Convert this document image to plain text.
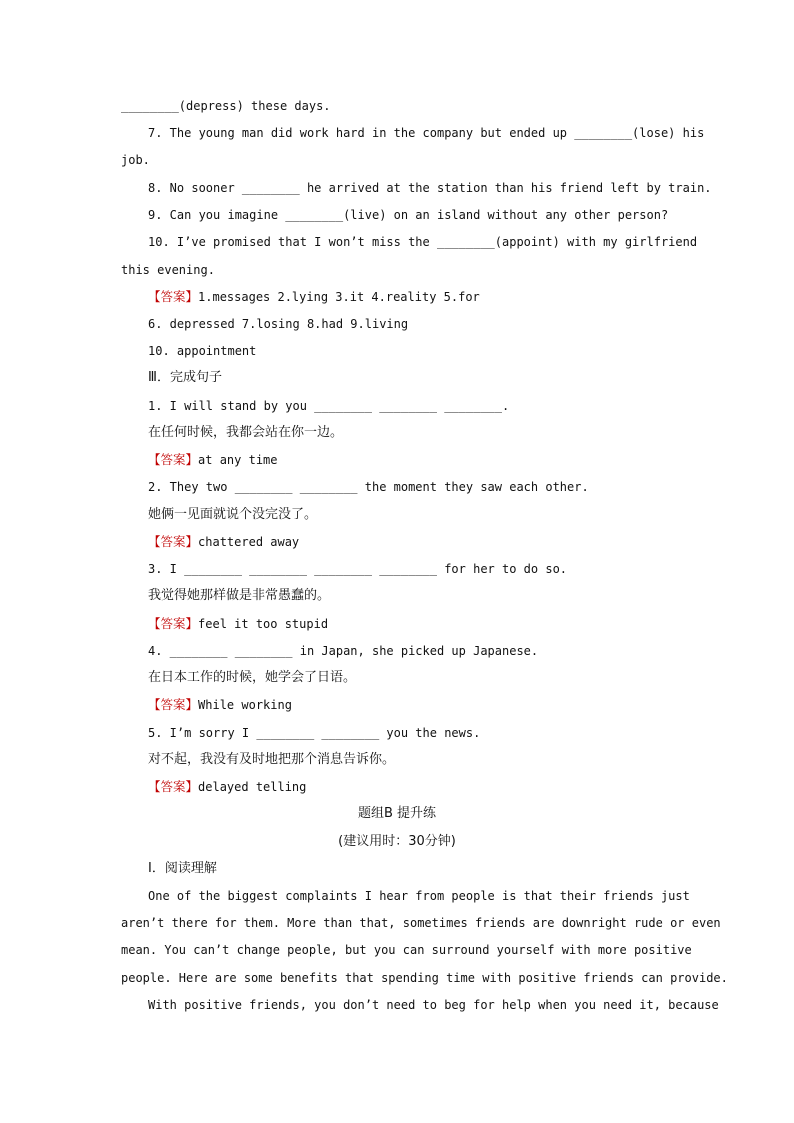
________(depress) these days.
7. The young man did work hard in the company but ended up ________(lose) his
job.
8. No sooner ________ he arrived at the station than his friend left by train.
9. Can you imagine ________(live) on an island without any other person?
10. I’ve promised that I won’t miss the ________(appoint) with my girlfriend
this evening.
【答案】1.messages 2.lying 3.it 4.reality 5.for
6. depressed 7.losing 8.had 9.living
10. appointment
Ⅲ．完成句子
1. I will stand by you ________ ________ ________.
在任何时候，我都会站在你一边。
【答案】at any time
2. They two ________ ________ the moment they saw each other.
她俩一见面就说个没完没了。
【答案】chattered away
3. I ________ ________ ________ ________ for her to do so.
我觉得她那样做是非常愚蠢的。
【答案】feel it too stupid
4. ________ ________ in Japan, she picked up Japanese.
在日本工作的时候，她学会了日语。
【答案】While working
5. I’m sorry I ________ ________ you the news.
对不起，我没有及时地把那个消息告诉你。
【答案】delayed telling
题组B 提升练
(建议用时：30分钟)
Ⅰ．阅读理解
One of the biggest complaints I hear from people is that their friends just
aren’t there for them. More than that, sometimes friends are downright rude or even
mean. You can’t change people, but you can surround yourself with more positive
people. Here are some benefits that spending time with positive friends can provide.
With positive friends, you don’t need to beg for help when you need it, because
